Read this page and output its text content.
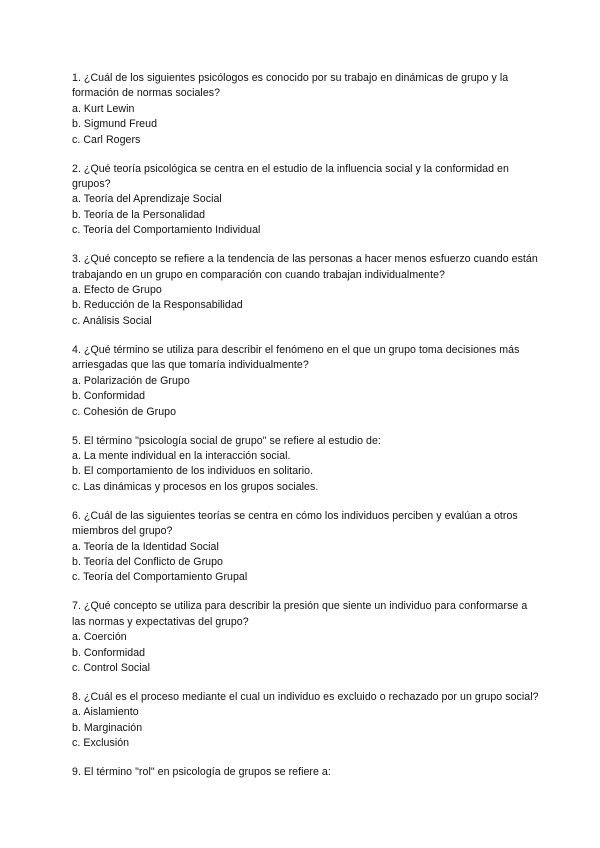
1. ¿Cuál de los siguientes psicólogos es conocido por su trabajo en dinámicas de grupo y la formación de normas sociales?
a. Kurt Lewin
b. Sigmund Freud
c. Carl Rogers
2. ¿Qué teoría psicológica se centra en el estudio de la influencia social y la conformidad en grupos?
a. Teoría del Aprendizaje Social
b. Teoría de la Personalidad
c. Teoría del Comportamiento Individual
3. ¿Qué concepto se refiere a la tendencia de las personas a hacer menos esfuerzo cuando están trabajando en un grupo en comparación con cuando trabajan individualmente?
a. Efecto de Grupo
b. Reducción de la Responsabilidad
c. Análisis Social
4. ¿Qué término se utiliza para describir el fenómeno en el que un grupo toma decisiones más arriesgadas que las que tomaría individualmente?
a. Polarización de Grupo
b. Conformidad
c. Cohesión de Grupo
5. El término "psicología social de grupo" se refiere al estudio de:
a. La mente individual en la interacción social.
b. El comportamiento de los individuos en solitario.
c. Las dinámicas y procesos en los grupos sociales.
6. ¿Cuál de las siguientes teorías se centra en cómo los individuos perciben y evalúan a otros miembros del grupo?
a. Teoría de la Identidad Social
b. Teoría del Conflicto de Grupo
c. Teoría del Comportamiento Grupal
7. ¿Qué concepto se utiliza para describir la presión que siente un individuo para conformarse a las normas y expectativas del grupo?
a. Coerción
b. Conformidad
c. Control Social
8. ¿Cuál es el proceso mediante el cual un individuo es excluido o rechazado por un grupo social?
a. Aislamiento
b. Marginación
c. Exclusión
9. El término "rol" en psicología de grupos se refiere a:
